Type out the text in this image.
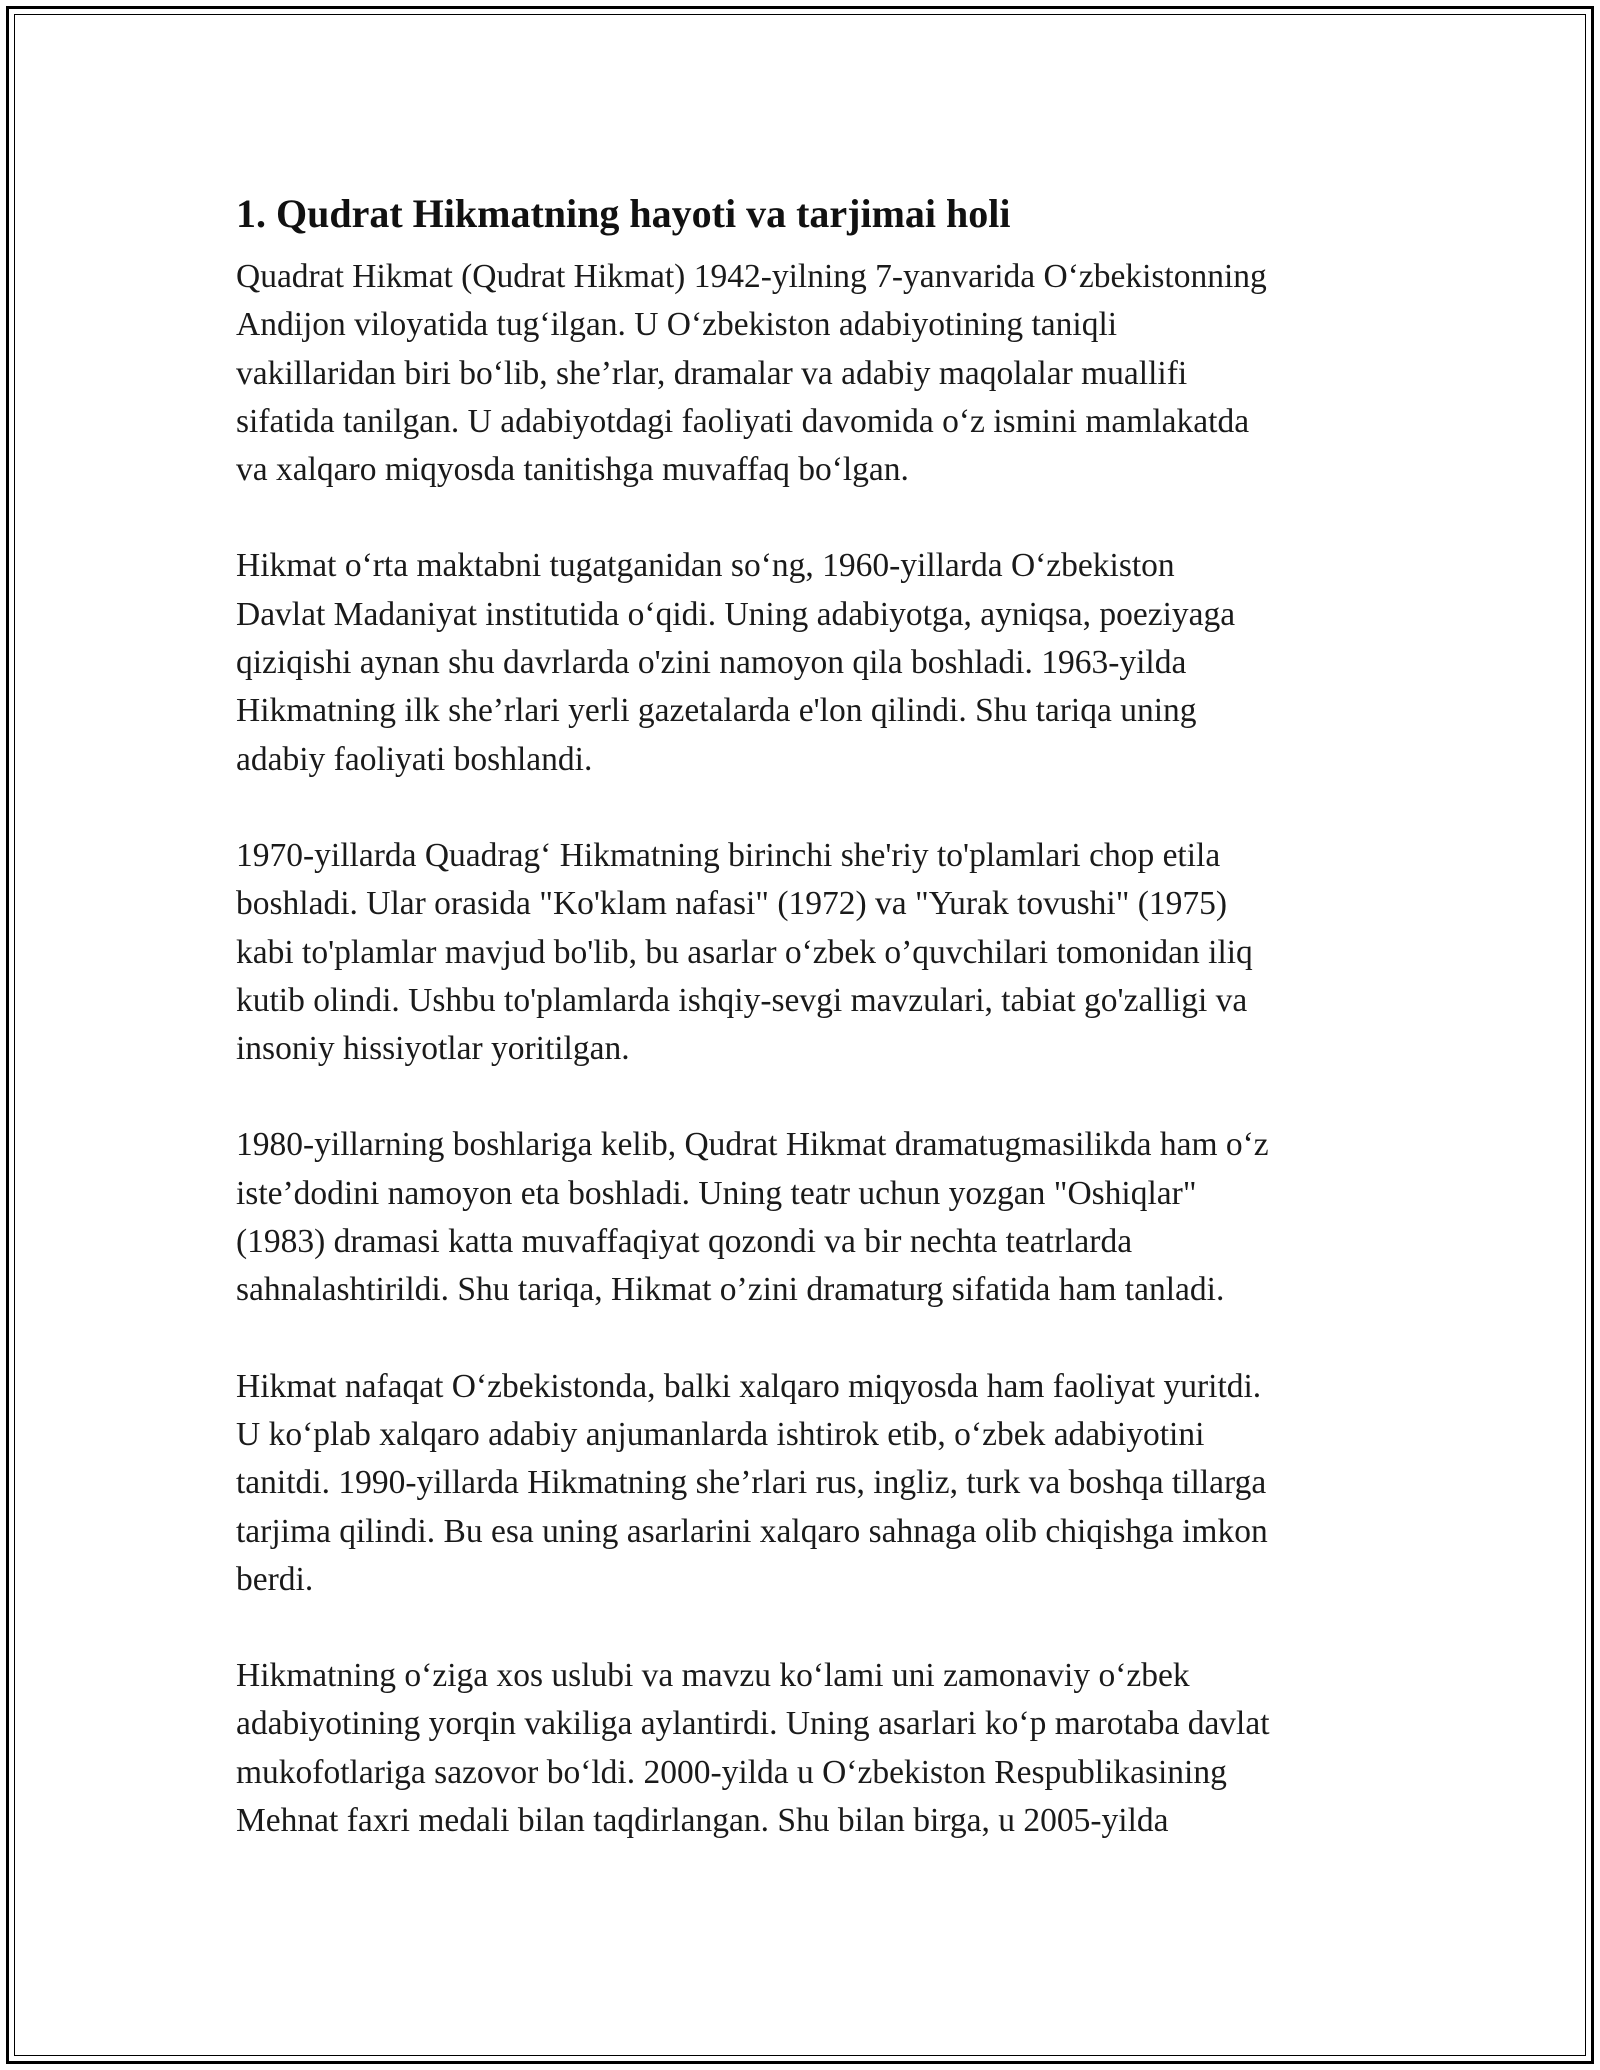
1. Qudrat Hikmatning hayoti va tarjimai holi

Quadrat Hikmat (Qudrat Hikmat) 1942-yilning 7-yanvarida O‘zbekistonning
Andijon viloyatida tug‘ilgan. U O‘zbekiston adabiyotining taniqli
vakillaridan biri bo‘lib, she’rlar, dramalar va adabiy maqolalar muallifi
sifatida tanilgan. U adabiyotdagi faoliyati davomida o‘z ismini mamlakatda
va xalqaro miqyosda tanitishga muvaffaq bo‘lgan.

Hikmat o‘rta maktabni tugatganidan so‘ng, 1960-yillarda O‘zbekiston
Davlat Madaniyat institutida o‘qidi. Uning adabiyotga, ayniqsa, poeziyaga
qiziqishi aynan shu davrlarda o'zini namoyon qila boshladi. 1963-yilda
Hikmatning ilk she’rlari yerli gazetalarda e'lon qilindi. Shu tariqa uning
adabiy faoliyati boshlandi.

1970-yillarda Quadrag‘ Hikmatning birinchi she'riy to'plamlari chop etila
boshladi. Ular orasida "Ko'klam nafasi" (1972) va "Yurak tovushi" (1975)
kabi to'plamlar mavjud bo'lib, bu asarlar o‘zbek o’quvchilari tomonidan iliq
kutib olindi. Ushbu to'plamlarda ishqiy-sevgi mavzulari, tabiat go'zalligi va
insoniy hissiyotlar yoritilgan.

1980-yillarning boshlariga kelib, Qudrat Hikmat dramatugmasilikda ham o‘z
iste’dodini namoyon eta boshladi. Uning teatr uchun yozgan "Oshiqlar"
(1983) dramasi katta muvaffaqiyat qozondi va bir nechta teatrlarda
sahnalashtirildi. Shu tariqa, Hikmat o’zini dramaturg sifatida ham tanladi.

Hikmat nafaqat O‘zbekistonda, balki xalqaro miqyosda ham faoliyat yuritdi.
U ko‘plab xalqaro adabiy anjumanlarda ishtirok etib, o‘zbek adabiyotini
tanitdi. 1990-yillarda Hikmatning she’rlari rus, ingliz, turk va boshqa tillarga
tarjima qilindi. Bu esa uning asarlarini xalqaro sahnaga olib chiqishga imkon
berdi.

Hikmatning o‘ziga xos uslubi va mavzu ko‘lami uni zamonaviy o‘zbek
adabiyotining yorqin vakiliga aylantirdi. Uning asarlari ko‘p marotaba davlat
mukofotlariga sazovor bo‘ldi. 2000-yilda u O‘zbekiston Respublikasining
Mehnat faxri medali bilan taqdirlangan. Shu bilan birga, u 2005-yilda
